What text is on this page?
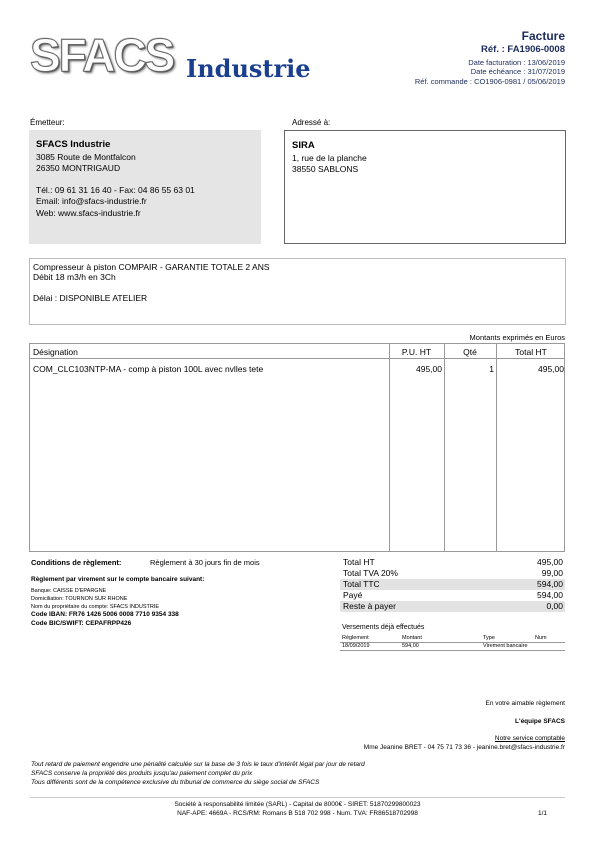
SFACS Industrie
Facture
Réf. : FA1906-0008
Date facturation : 13/06/2019
Date échéance : 31/07/2019
Réf. commande : CO1906-0981 / 05/06/2019
Émetteur:
SFACS Industrie
3085 Route de Montfalcon
26350 MONTRIGAUD
Tél.: 09 61 31 16 40 - Fax: 04 86 55 63 01
Email: info@sfacs-industrie.fr
Web: www.sfacs-industrie.fr
Adressé à:
SIRA
1, rue de la planche
38550 SABLONS
Compresseur à piston COMPAIR - GARANTIE TOTALE 2 ANS
Débit 18 m3/h en 3Ch
Délai : DISPONIBLE ATELIER
Montants exprimés en Euros
Désignation	P.U. HT	Qté	Total HT
COM_CLC103NTP-MA - comp à piston 100L avec nvlles tete	495,00	1	495,00
Conditions de règlement:	Règlement à 30 jours fin de mois
Règlement par virement sur le compte bancaire suivant:
Banque: CAISSE D'EPARGNE
Domiciliation: TOURNON SUR RHONE
Nom du propriétaire du compte: SFACS INDUSTRIE
Code IBAN: FR76 1426 5006 0008 7710 9354 338
Code BIC/SWIFT: CEPAFRPP426
Total HT	495,00
Total TVA 20%	99,00
Total TTC	594,00
Payé	594,00
Reste à payer	0,00
Versements déjà effectués
Règlement	Montant	Type	Num
18/09/2019	594,00	Virement bancaire
En votre aimable règlement
L'équipe SFACS
Notre service comptable
Mme Jeanine BRET - 04 75 71 73 36 - jeanine.bret@sfacs-industrie.fr
Tout retard de paiement engendre une pénalité calculée sur la base de 3 fois le taux d'intérêt légal par jour de retard
SFACS conserve la propriété des produits jusqu'au paiement complet du prix
Tous différents sont de la compétence exclusive du tribunal de commerce du siège social de SFACS
Société à responsabilité limitée (SARL) - Capital de 8000€ - SIRET: 51870299800023
NAF-APE: 4669A - RCS/RM: Romans B 518 702 998 - Num. TVA: FR86518702998	1/1
